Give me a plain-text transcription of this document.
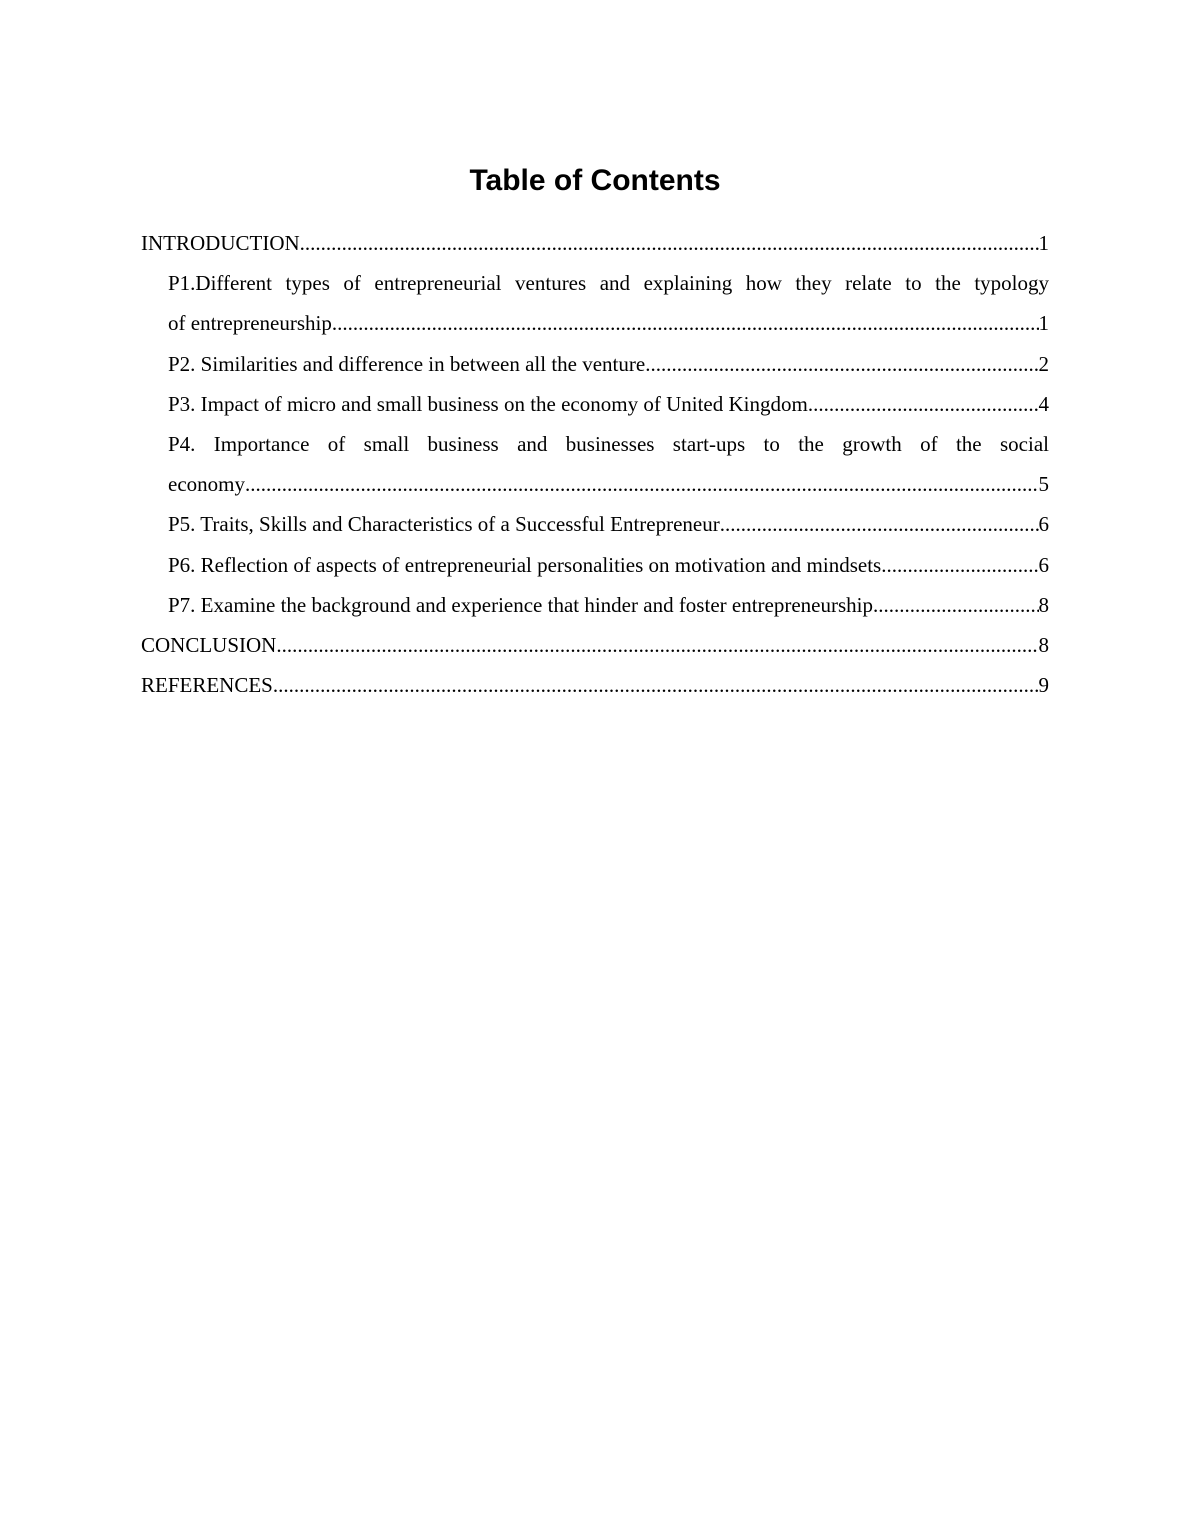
Table of Contents
INTRODUCTION .....	1
P1.Different types of entrepreneurial ventures and explaining how they relate to the typology
of entrepreneurship .....	1
P2. Similarities and difference in between all the venture .....	2
P3. Impact of micro and small business on the economy of United Kingdom .....	4
P4. Importance of small business and businesses start-ups to the growth of the social
economy .....	5
P5. Traits, Skills and Characteristics of a Successful Entrepreneur .....	6
P6. Reflection of aspects of entrepreneurial personalities on motivation and mindsets .....	6
P7. Examine the background and experience that hinder and foster entrepreneurship .....	8
CONCLUSION .....	8
REFERENCES .....	9
